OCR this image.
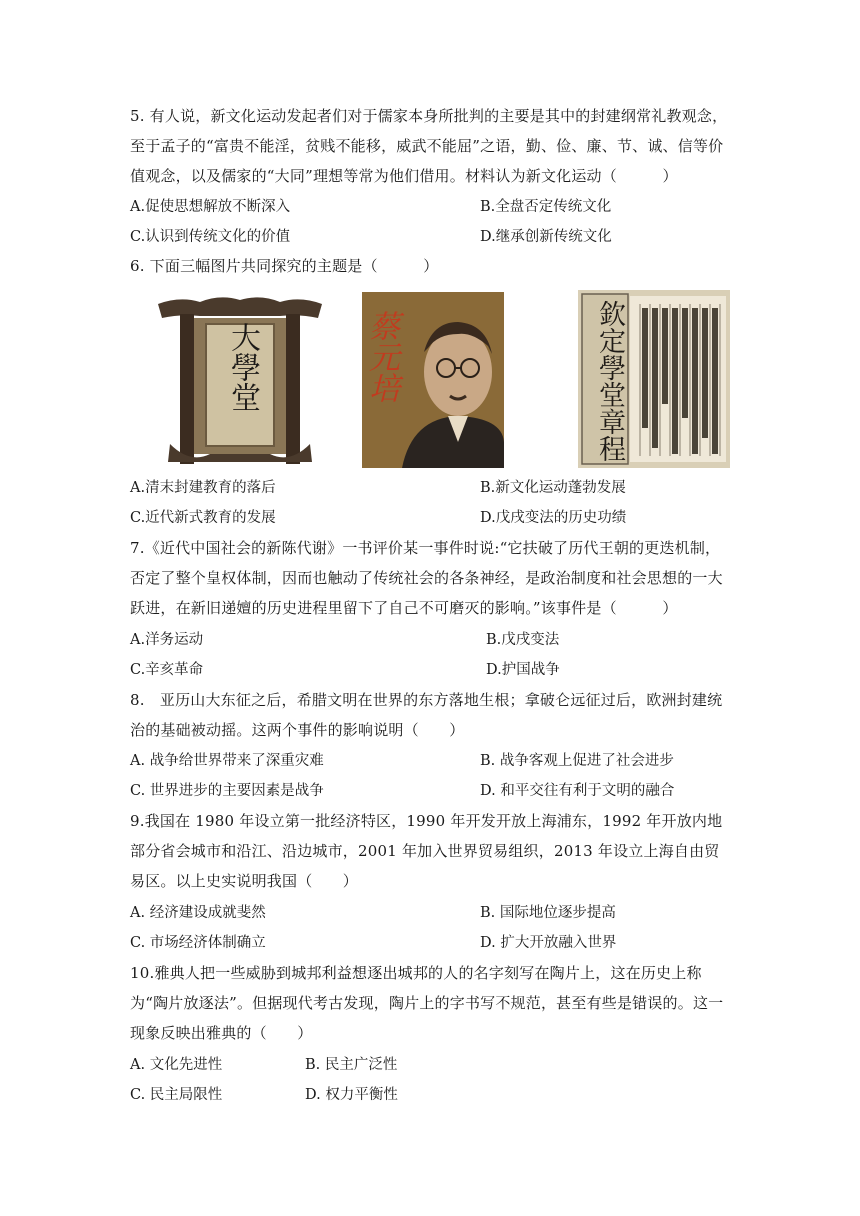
5. 有人说，新文化运动发起者们对于儒家本身所批判的主要是其中的封建纲常礼教观念，至于孟子的“富贵不能淫，贫贱不能移，威武不能屈”之语，勤、俭、廉、节、诚、信等价值观念，以及儒家的“大同”理想等常为他们借用。材料认为新文化运动（　　　）
A.促使思想解放不断深入	B.全盘否定传统文化
C.认识到传统文化的价值	D.继承创新传统文化
6. 下面三幅图片共同探究的主题是（　　　）
大學堂	蔡元培	欽定學堂章程
A.清末封建教育的落后	B.新文化运动蓬勃发展
C.近代新式教育的发展	D.戊戌变法的历史功绩
7.《近代中国社会的新陈代谢》一书评价某一事件时说:“它扶破了历代王朝的更迭机制，否定了整个皇权体制，因而也触动了传统社会的各条神经，是政治制度和社会思想的一大跃进，在新旧递嬗的历史进程里留下了自己不可磨灭的影响。”该事件是（　　　）
A.洋务运动	B.戊戌变法
C.辛亥革命	D.护国战争
8.　亚历山大东征之后，希腊文明在世界的东方落地生根；拿破仑远征过后，欧洲封建统治的基础被动摇。这两个事件的影响说明（　　）
A. 战争给世界带来了深重灾难	B. 战争客观上促进了社会进步
C. 世界进步的主要因素是战争	D. 和平交往有利于文明的融合
9.我国在 1980 年设立第一批经济特区，1990 年开发开放上海浦东，1992 年开放内地部分省会城市和沿江、沿边城市，2001 年加入世界贸易组织，2013 年设立上海自由贸易区。以上史实说明我国（　　）
A. 经济建设成就斐然	B. 国际地位逐步提高
C. 市场经济体制确立	D. 扩大开放融入世界
10.雅典人把一些威胁到城邦利益想逐出城邦的人的名字刻写在陶片上，这在历史上称为“陶片放逐法”。但据现代考古发现，陶片上的字书写不规范，甚至有些是错误的。这一现象反映出雅典的（　　）
A. 文化先进性	B. 民主广泛性
C. 民主局限性	D. 权力平衡性
